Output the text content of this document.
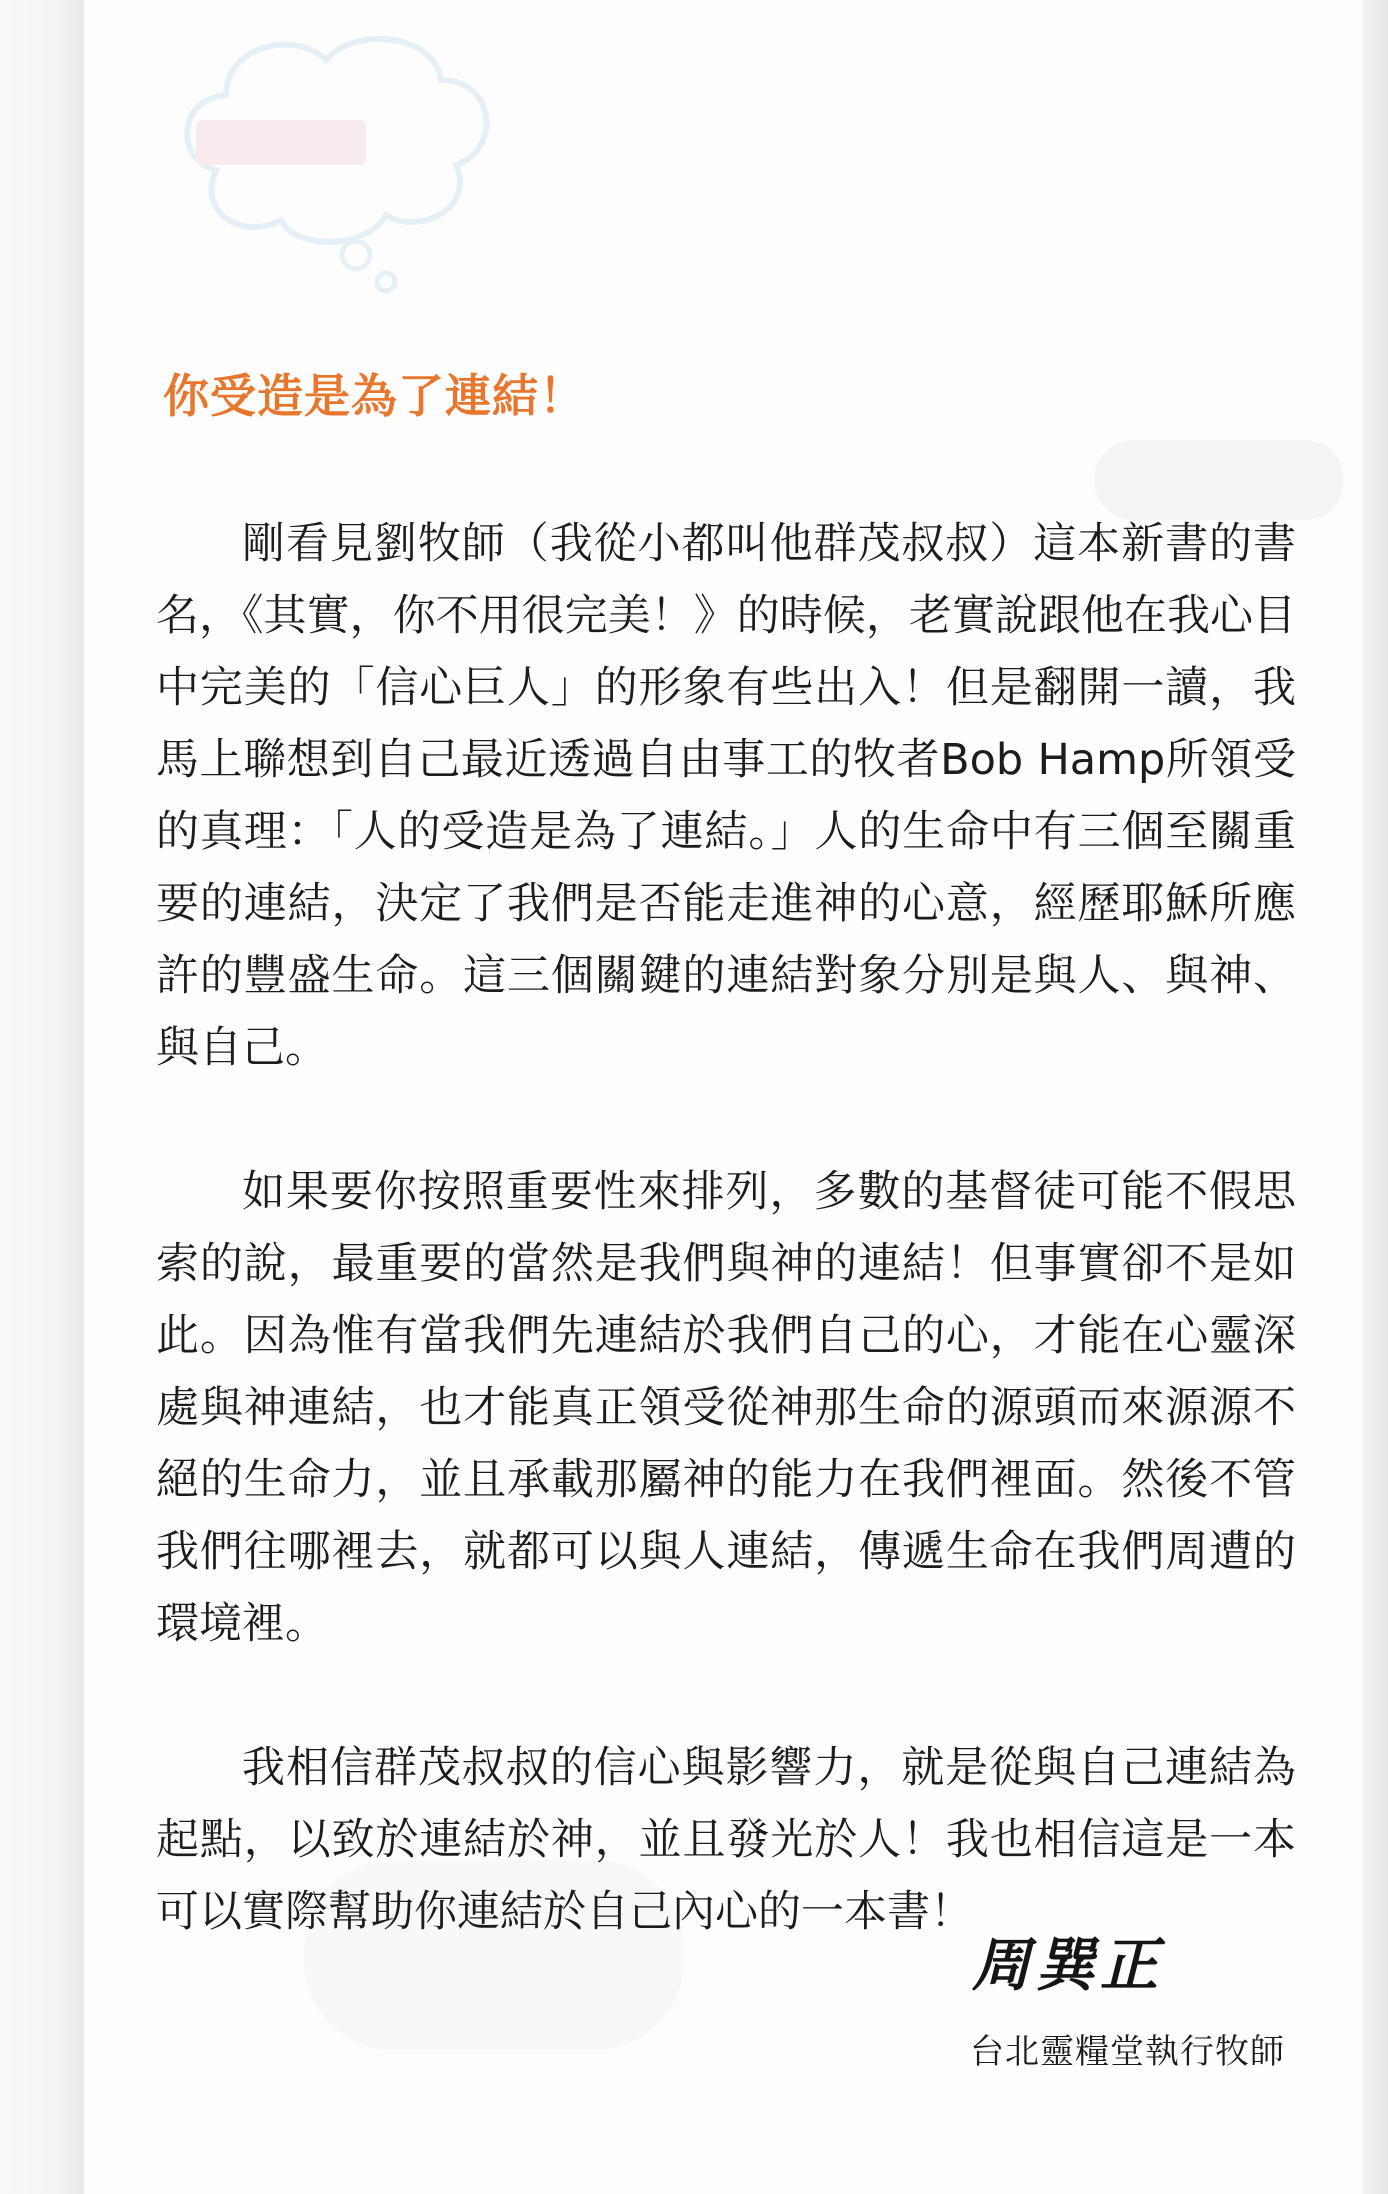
你受造是為了連結！

剛看見劉牧師（我從小都叫他群茂叔叔）這本新書的書名，《其實，你不用很完美！》的時候，老實說跟他在我心目中完美的「信心巨人」的形象有些出入！但是翻開一讀，我馬上聯想到自己最近透過自由事工的牧者Bob Hamp所領受的真理：「人的受造是為了連結。」人的生命中有三個至關重要的連結，決定了我們是否能走進神的心意，經歷耶穌所應許的豐盛生命。這三個關鍵的連結對象分別是與人、與神、與自己。

如果要你按照重要性來排列，多數的基督徒可能不假思索的說，最重要的當然是我們與神的連結！但事實卻不是如此。因為惟有當我們先連結於我們自己的心，才能在心靈深處與神連結，也才能真正領受從神那生命的源頭而來源源不絕的生命力，並且承載那屬神的能力在我們裡面。然後不管我們往哪裡去，就都可以與人連結，傳遞生命在我們周遭的環境裡。

我相信群茂叔叔的信心與影響力，就是從與自己連結為起點，以致於連結於神，並且發光於人！我也相信這是一本可以實際幫助你連結於自己內心的一本書！

周巽正
台北靈糧堂執行牧師
